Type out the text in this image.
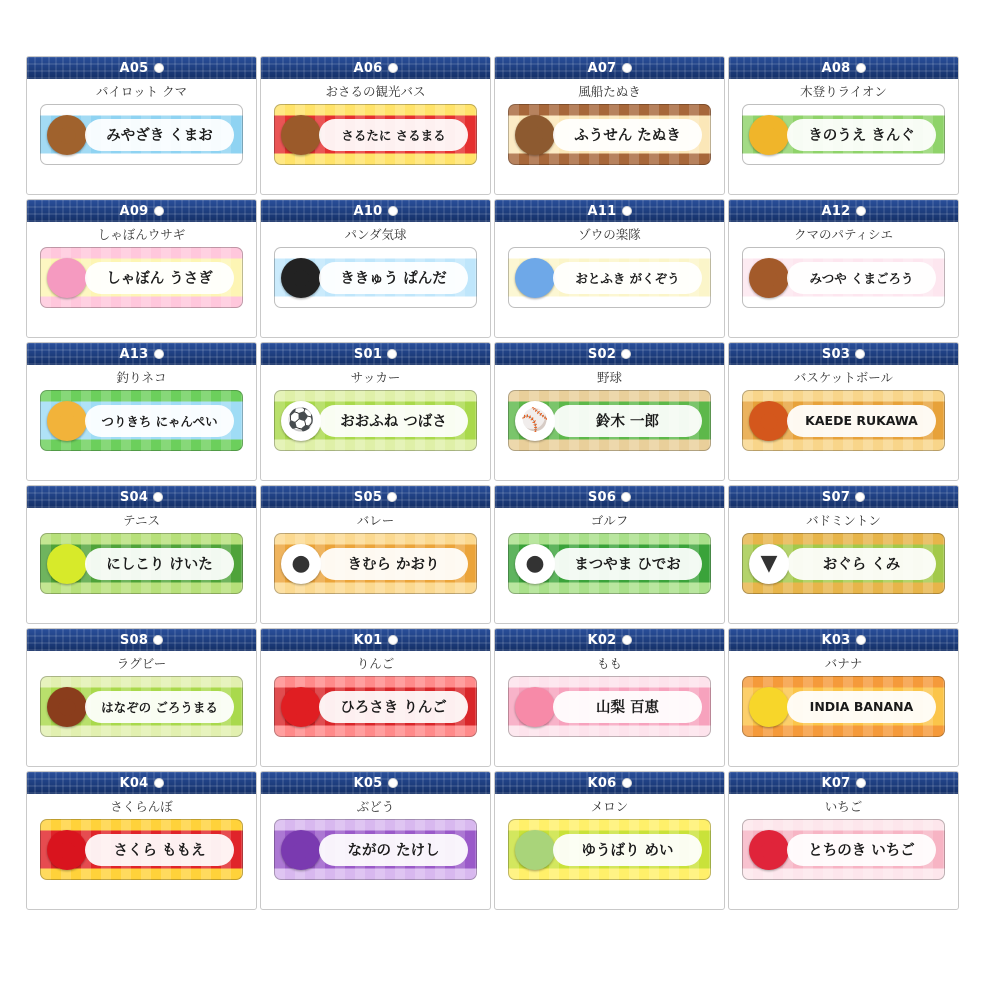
A05
パイロット クマ
●	みやざき くまお
A06
おさるの観光バス
●	さるたに さるまる
A07
風船たぬき
●	ふうせん たぬき
A08
木登りライオン
●	きのうえ きんぐ
A09
しゃぼんウサギ
●	しゃぼん うさぎ
A10
パンダ気球
●	ききゅう ぱんだ
A11
ゾウの楽隊
●	おとふき がくぞう
A12
クマのパティシエ
●	みつや くまごろう
A13
釣りネコ
●	つりきち にゃんぺい
S01
サッカー
⚽	おおふね つばさ
S02
野球
⚾	鈴木 一郎
S03
バスケットボール
●	KAEDE RUKAWA
S04
テニス
●	にしこり けいた
S05
バレー
●	きむら かおり
S06
ゴルフ
●	まつやま ひでお
S07
バドミントン
▼	おぐら くみ
S08
ラグビー
●	はなぞの ごろうまる
K01
りんご
●	ひろさき りんご
K02
もも
●	山梨 百恵
K03
バナナ
●	INDIA BANANA
K04
さくらんぼ
●	さくら ももえ
K05
ぶどう
●	ながの たけし
K06
メロン
●	ゆうばり めい
K07
いちご
●	とちのき いちご
